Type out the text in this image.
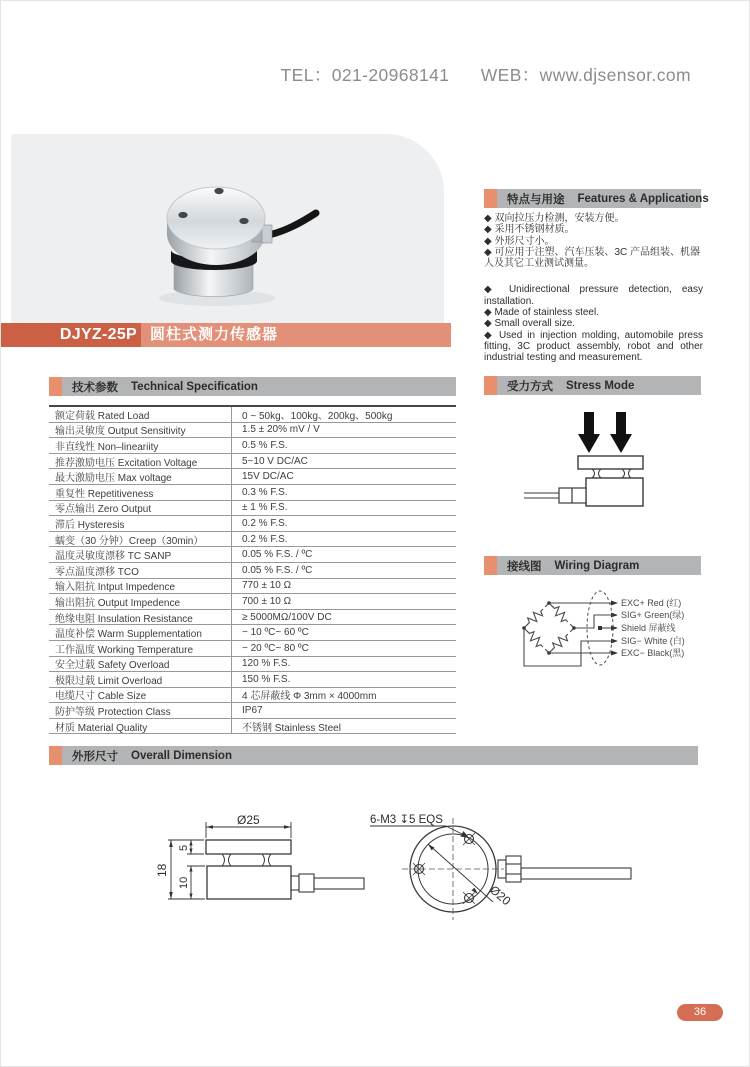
TEL：021-20968141 WEB：www.djsensor.com
DJYZ-25P 圆柱式测力传感器
特点与用途 Features & Applications
◆ 双向拉压力检测，安装方便。
◆ 采用不锈钢材质。
◆ 外形尺寸小。
◆ 可应用于注塑、汽车压装、3C 产品组装、机器人及其它工业测试测量。
◆ Unidirectional pressure detection, easy installation.
◆ Made of stainless steel.
◆ Small overall size.
◆ Used in injection molding, automobile press fitting, 3C product assembly, robot and other industrial testing and measurement.
技术参数 Technical Specification
额定荷载 Rated Load	0 ~ 50kg、100kg、200kg、500kg
输出灵敏度 Output Sensitivity	1.5 ± 20% mV / V
非直线性 Non–lineariity	0.5 % F.S.
推荐激励电压 Excitation Voltage	5~10 V DC/AC
最大激励电压 Max voltage	15V DC/AC
重复性 Repetitiveness	0.3 % F.S.
零点输出 Zero Output	± 1 % F.S.
滞后 Hysteresis	0.2 % F.S.
蠕变（30 分钟）Creep（30min）	0.2 % F.S.
温度灵敏度漂移 TC SANP	0.05 % F.S. / ºC
零点温度漂移 TCO	0.05 % F.S. / ºC
输入阻抗 Intput Impedence	770 ± 10 Ω
输出阻抗 Output Impedence	700 ± 10 Ω
绝缘电阻 Insulation Resistance	≥ 5000MΩ/100V DC
温度补偿 Warm Supplementation	− 10 ºC~ 60 ºC
工作温度 Working Temperature	− 20 ºC~ 80 ºC
安全过载 Safety Overload	120 % F.S.
极限过载 Limit Overload	150 % F.S.
电缆尺寸 Cable Size	4 芯屏蔽线 Φ 3mm × 4000mm
防护等级 Protection Class	IP67
材质 Material Quality	不锈钢 Stainless Steel
受力方式 Stress Mode
接线图 Wiring Diagram
EXC+ Red (红)
SIG+ Green(绿)
Shield 屏蔽线
SIG− White (白)
EXC− Black(黑)
外形尺寸 Overall Dimension
Ø25
18
5
10
6-M3 ↧5 EQS
Ø20
36
